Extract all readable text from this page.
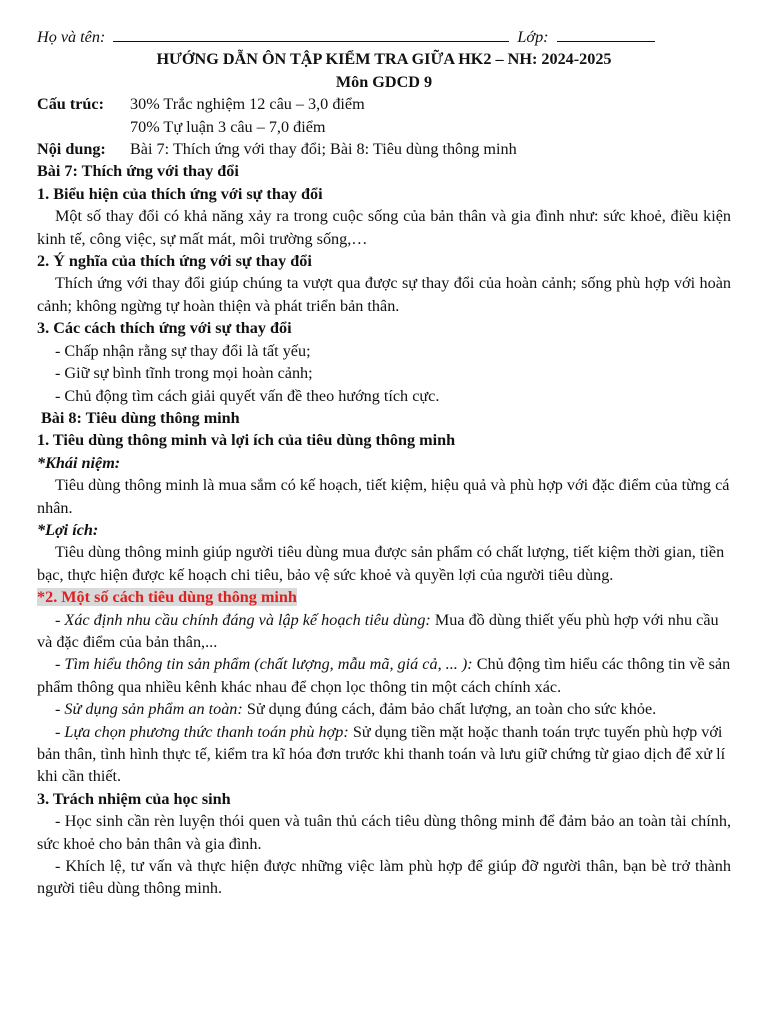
Họ và tên:	Lớp:

HƯỚNG DẪN ÔN TẬP KIỂM TRA GIỮA HK2 – NH: 2024-2025

Môn GDCD 9

Cấu trúc: 30% Trắc nghiệm 12 câu – 3,0 điểm

70% Tự luận 3 câu – 7,0 điểm

Nội dung: Bài 7: Thích ứng với thay đổi; Bài 8: Tiêu dùng thông minh

Bài 7: Thích ứng với thay đổi

1. Biểu hiện của thích ứng với sự thay đổi

Một số thay đổi có khả năng xảy ra trong cuộc sống của bản thân và gia đình như: sức khoẻ, điều kiện kinh tế, công việc, sự mất mát, môi trường sống,…

2. Ý nghĩa của thích ứng với sự thay đổi

Thích ứng với thay đổi giúp chúng ta vượt qua được sự thay đổi của hoàn cảnh; sống phù hợp với hoàn cảnh; không ngừng tự hoàn thiện và phát triển bản thân.

3. Các cách thích ứng với sự thay đổi

- Chấp nhận rằng sự thay đổi là tất yếu;

- Giữ sự bình tĩnh trong mọi hoàn cảnh;

- Chủ động tìm cách giải quyết vấn đề theo hướng tích cực.

Bài 8: Tiêu dùng thông minh

1. Tiêu dùng thông minh và lợi ích của tiêu dùng thông minh

*Khái niệm:

Tiêu dùng thông minh là mua sắm có kế hoạch, tiết kiệm, hiệu quả và phù hợp với đặc điểm của từng cá nhân.

*Lợi ích:

Tiêu dùng thông minh giúp người tiêu dùng mua được sản phẩm có chất lượng, tiết kiệm thời gian, tiền bạc, thực hiện được kế hoạch chi tiêu, bảo vệ sức khoẻ và quyền lợi của người tiêu dùng.

*2. Một số cách tiêu dùng thông minh

- Xác định nhu cầu chính đáng và lập kế hoạch tiêu dùng: Mua đồ dùng thiết yếu phù hợp với nhu cầu và đặc điểm của bản thân,...

- Tìm hiểu thông tin sản phẩm (chất lượng, mẫu mã, giá cả, ... ): Chủ động tìm hiểu các thông tin về sản phẩm thông qua nhiều kênh khác nhau để chọn lọc thông tin một cách chính xác.

- Sử dụng sản phẩm an toàn: Sử dụng đúng cách, đảm bảo chất lượng, an toàn cho sức khỏe.

- Lựa chọn phương thức thanh toán phù hợp: Sử dụng tiền mặt hoặc thanh toán trực tuyến phù hợp với bản thân, tình hình thực tế, kiểm tra kĩ hóa đơn trước khi thanh toán và lưu giữ chứng từ giao dịch để xử lí khi cần thiết.

3. Trách nhiệm của học sinh

- Học sinh cần rèn luyện thói quen và tuân thủ cách tiêu dùng thông minh để đảm bảo an toàn tài chính, sức khoẻ cho bản thân và gia đình.

- Khích lệ, tư vấn và thực hiện được những việc làm phù hợp để giúp đỡ người thân, bạn bè trở thành người tiêu dùng thông minh.
